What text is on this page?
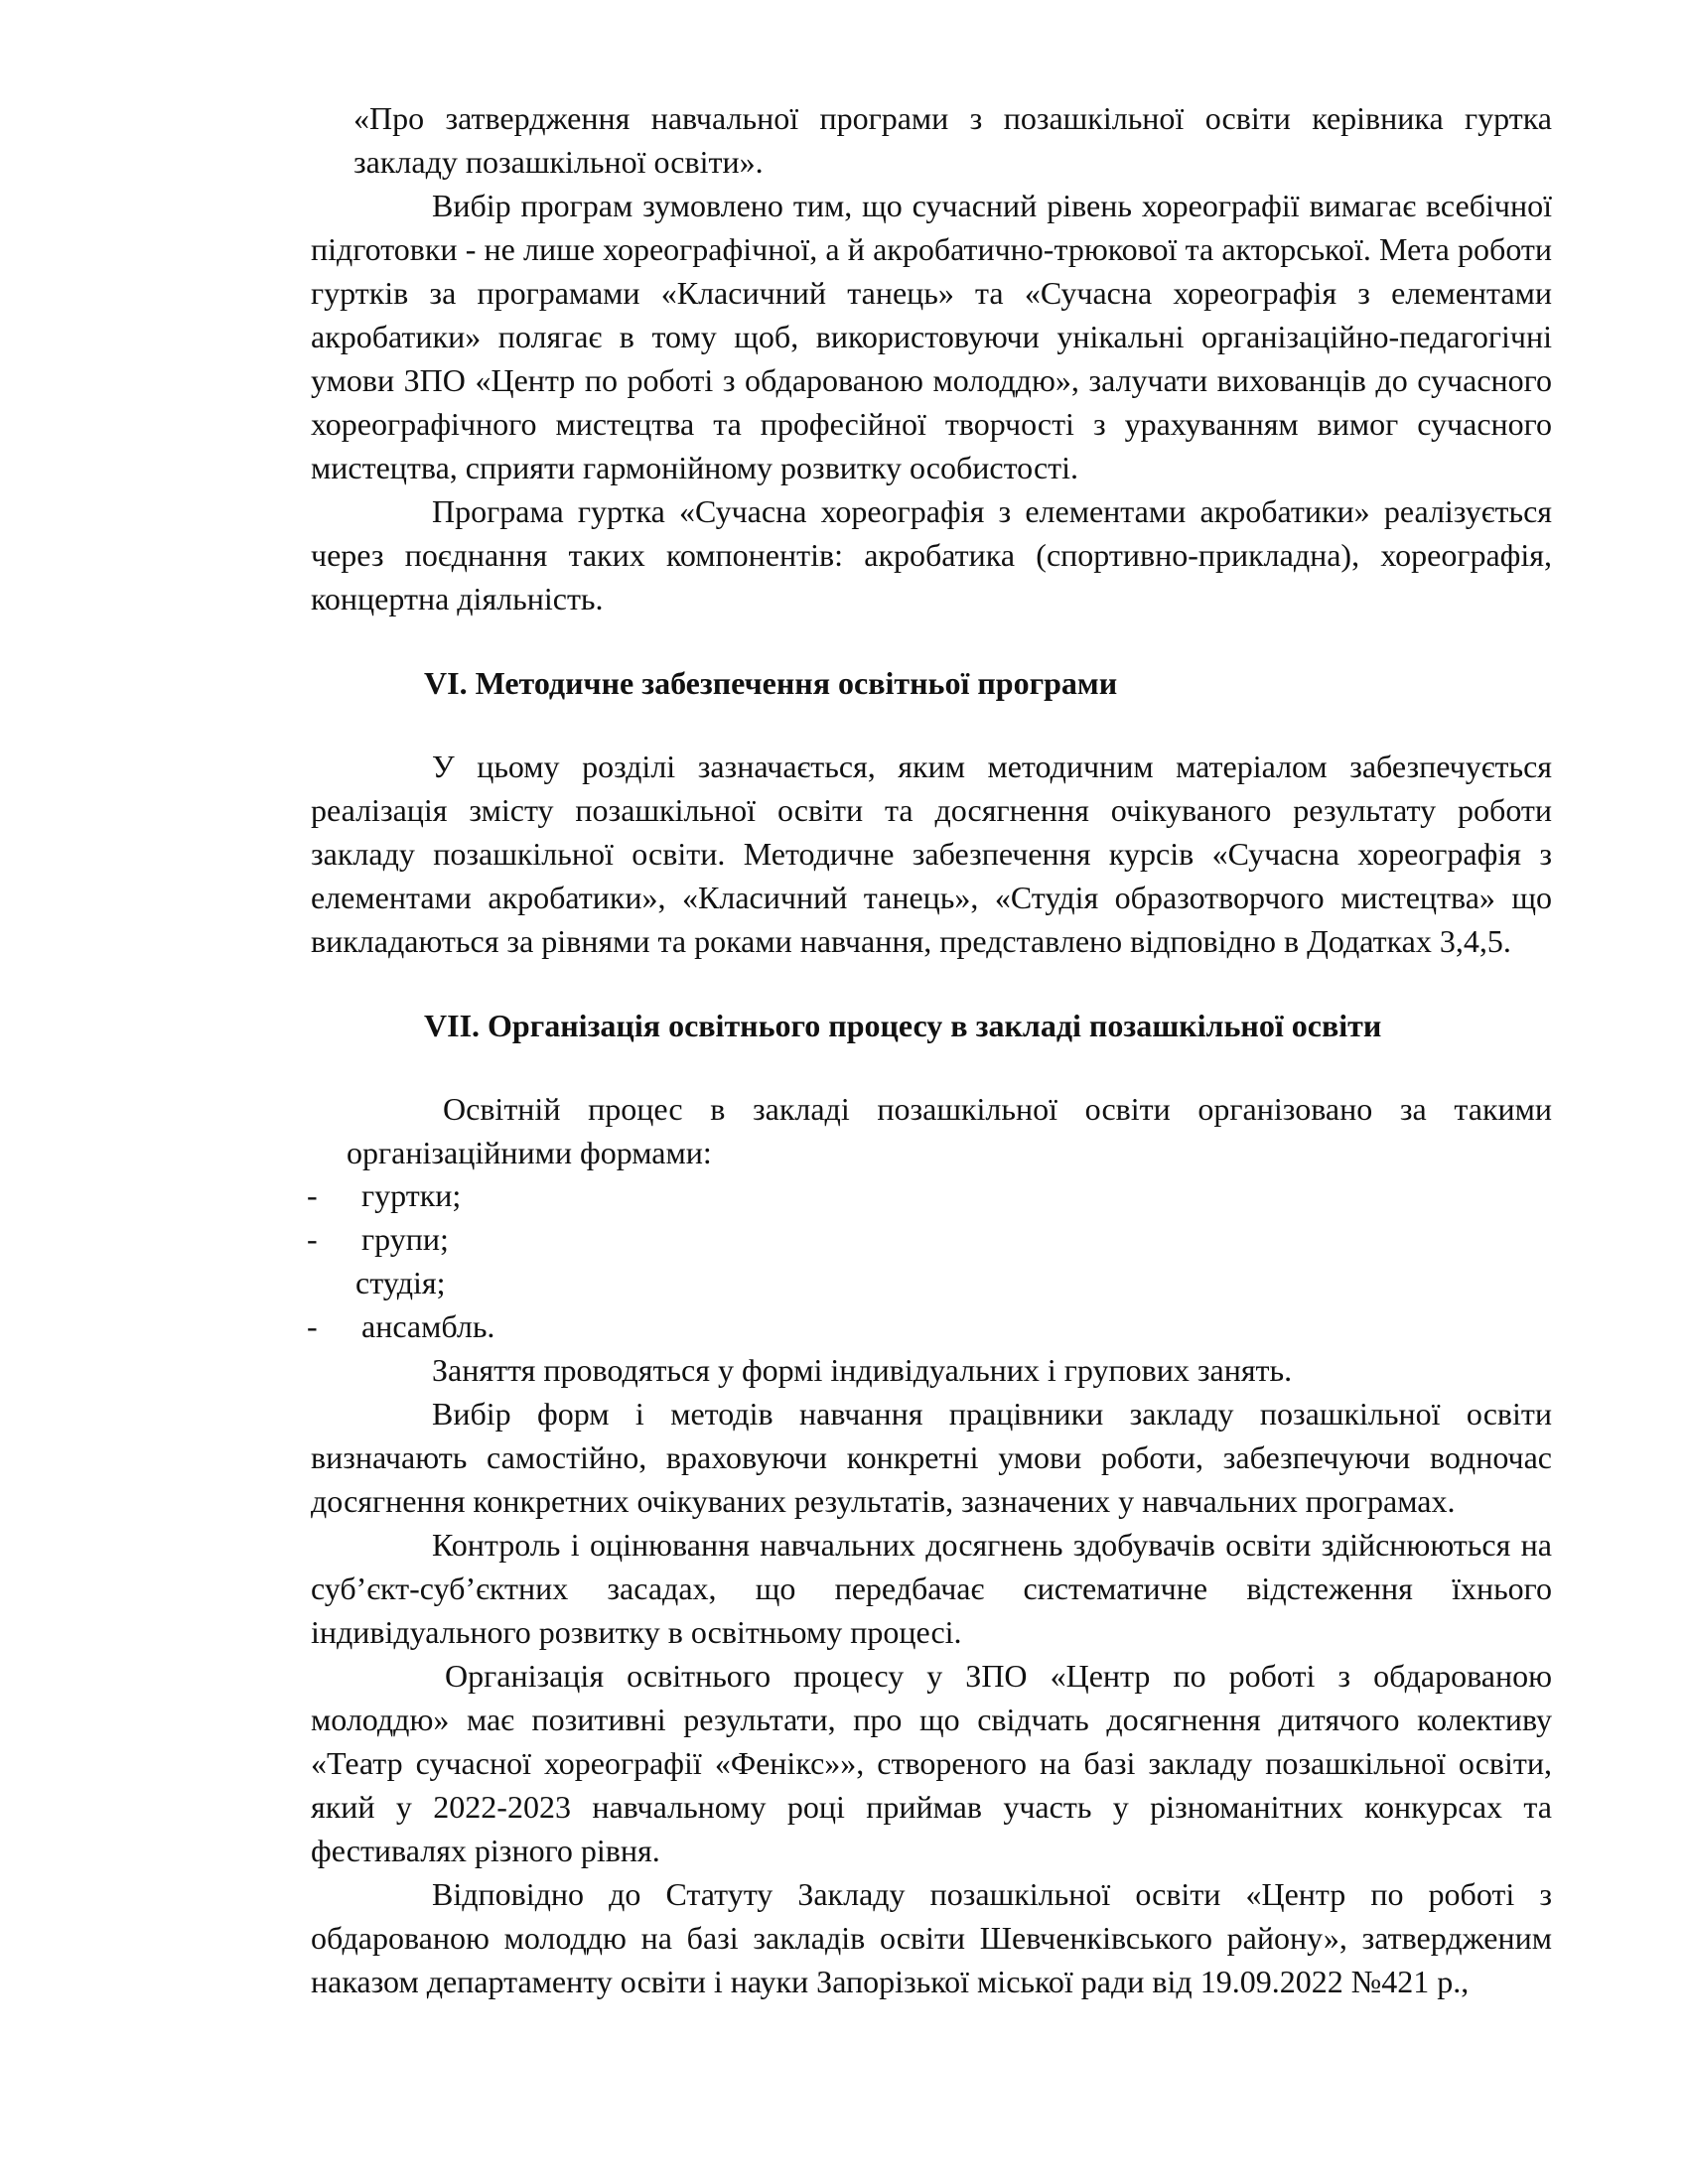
«Про затвердження навчальної програми з позашкільної освіти керівника гуртка закладу позашкільної освіти».

Вибір програм зумовлено тим, що сучасний рівень хореографії вимагає всебічної підготовки - не лише хореографічної, а й акробатично-трюкової та акторської. Мета роботи гуртків за програмами «Класичний танець» та «Сучасна хореографія з елементами акробатики» полягає в тому щоб, використовуючи унікальні організаційно-педагогічні умови ЗПО «Центр по роботі з обдарованою молоддю», залучати вихованців до сучасного хореографічного мистецтва та професійної творчості з урахуванням вимог сучасного мистецтва, сприяти гармонійному розвитку особистості.

Програма гуртка «Сучасна хореографія з елементами акробатики» реалізується через поєднання таких компонентів: акробатика (спортивно-прикладна), хореографія, концертна діяльність.

VI. Методичне забезпечення освітньої програми

У цьому розділі зазначається, яким методичним матеріалом забезпечується реалізація змісту позашкільної освіти та досягнення очікуваного результату роботи закладу позашкільної освіти. Методичне забезпечення курсів «Сучасна хореографія з елементами акробатики», «Класичний танець», «Студія образотворчого мистецтва» що викладаються за рівнями та роками навчання, представлено відповідно в Додатках 3,4,5.

VII. Організація освітнього процесу в закладі позашкільної освіти

Освітній процес в закладі позашкільної освіти організовано за такими організаційними формами:

- гуртки;
- групи;
студія;
- ансамбль.

Заняття проводяться у формі індивідуальних і групових занять.

Вибір форм і методів навчання працівники закладу позашкільної освіти визначають самостійно, враховуючи конкретні умови роботи, забезпечуючи водночас досягнення конкретних очікуваних результатів, зазначених у навчальних програмах.

Контроль і оцінювання навчальних досягнень здобувачів освіти здійснюються на суб’єкт-суб’єктних засадах, що передбачає систематичне відстеження їхнього індивідуального розвитку в освітньому процесі.

Організація освітнього процесу у ЗПО «Центр по роботі з обдарованою молоддю» має позитивні результати, про що свідчать досягнення дитячого колективу «Театр сучасної хореографії «Фенікс»», створеного на базі закладу позашкільної освіти, який у 2022-2023 навчальному році приймав участь у різноманітних конкурсах та фестивалях різного рівня.

Відповідно до Статуту Закладу позашкільної освіти «Центр по роботі з обдарованою молоддю на базі закладів освіти Шевченківського району», затвердженим наказом департаменту освіти і науки Запорізької міської ради від 19.09.2022 №421 р.,
